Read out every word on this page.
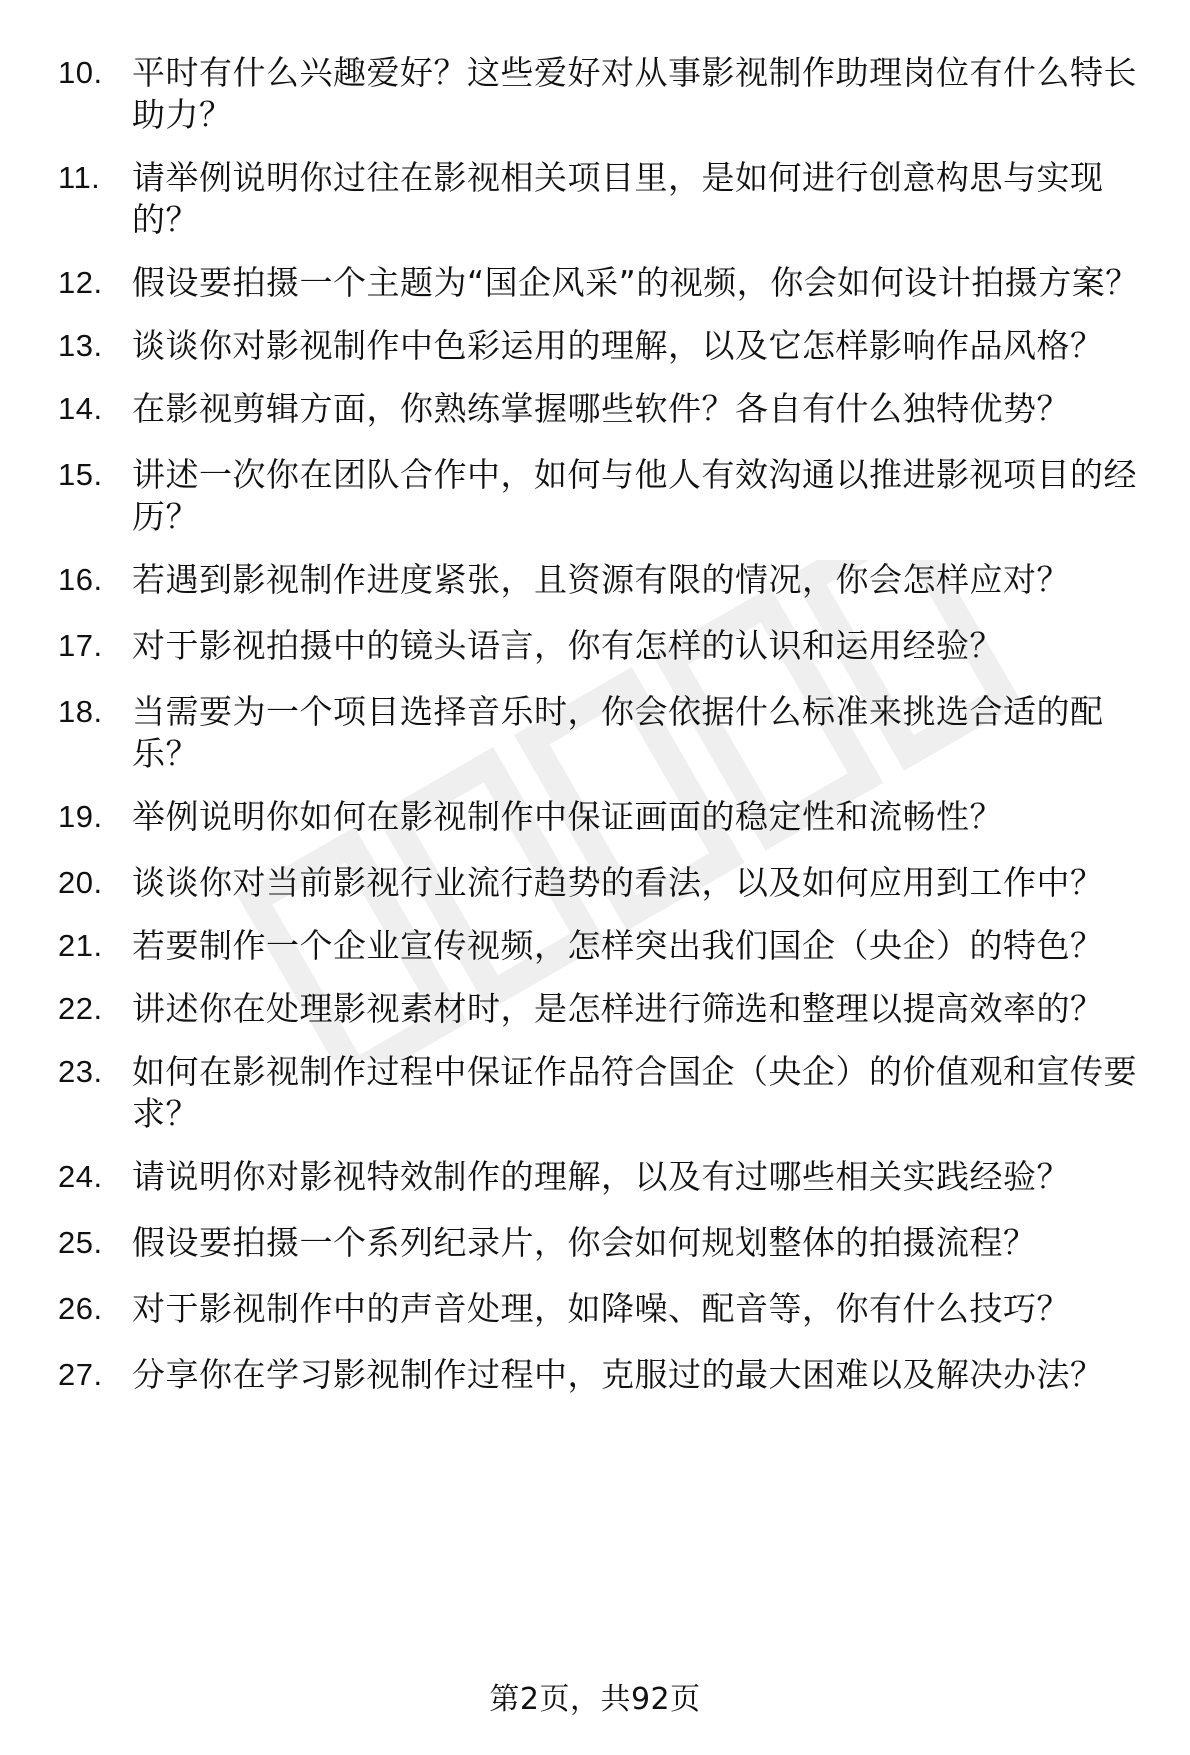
10. 平时有什么兴趣爱好？这些爱好对从事影视制作助理岗位有什么特长助力？
11. 请举例说明你过往在影视相关项目里，是如何进行创意构思与实现的？
12. 假设要拍摄一个主题为“国企风采”的视频，你会如何设计拍摄方案？
13. 谈谈你对影视制作中色彩运用的理解，以及它怎样影响作品风格？
14. 在影视剪辑方面，你熟练掌握哪些软件？各自有什么独特优势？
15. 讲述一次你在团队合作中，如何与他人有效沟通以推进影视项目的经历？
16. 若遇到影视制作进度紧张，且资源有限的情况，你会怎样应对？
17. 对于影视拍摄中的镜头语言，你有怎样的认识和运用经验？
18. 当需要为一个项目选择音乐时，你会依据什么标准来挑选合适的配乐？
19. 举例说明你如何在影视制作中保证画面的稳定性和流畅性？
20. 谈谈你对当前影视行业流行趋势的看法，以及如何应用到工作中？
21. 若要制作一个企业宣传视频，怎样突出我们国企（央企）的特色？
22. 讲述你在处理影视素材时，是怎样进行筛选和整理以提高效率的？
23. 如何在影视制作过程中保证作品符合国企（央企）的价值观和宣传要求？
24. 请说明你对影视特效制作的理解，以及有过哪些相关实践经验？
25. 假设要拍摄一个系列纪录片，你会如何规划整体的拍摄流程？
26. 对于影视制作中的声音处理，如降噪、配音等，你有什么技巧？
27. 分享你在学习影视制作过程中，克服过的最大困难以及解决办法？
第2页，共92页
